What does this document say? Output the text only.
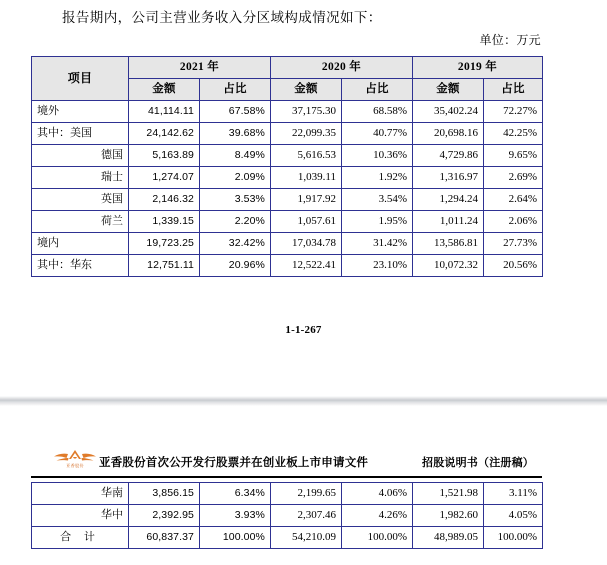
报告期内，公司主营业务收入分区域构成情况如下：
单位：万元
项目	2021 年		2020 年		2019 年	
	金额	占比	金额	占比	金额	占比
境外	41,114.11	67.58%	37,175.30	68.58%	35,402.24	72.27%
其中：美国	24,142.62	39.68%	22,099.35	40.77%	20,698.16	42.25%
德国	5,163.89	8.49%	5,616.53	10.36%	4,729.86	9.65%
瑞士	1,274.07	2.09%	1,039.11	1.92%	1,316.97	2.69%
英国	2,146.32	3.53%	1,917.92	3.54%	1,294.24	2.64%
荷兰	1,339.15	2.20%	1,057.61	1.95%	1,011.24	2.06%
境内	19,723.25	32.42%	17,034.78	31.42%	13,586.81	27.73%
其中：华东	12,751.11	20.96%	12,522.41	23.10%	10,072.32	20.56%
1-1-267
亚香股份	亚香股份首次公开发行股票并在创业板上市申请文件	招股说明书（注册稿）
华南	3,856.15	6.34%	2,199.65	4.06%	1,521.98	3.11%
华中	2,392.95	3.93%	2,307.46	4.26%	1,982.60	4.05%
合 计	60,837.37	100.00%	54,210.09	100.00%	48,989.05	100.00%
